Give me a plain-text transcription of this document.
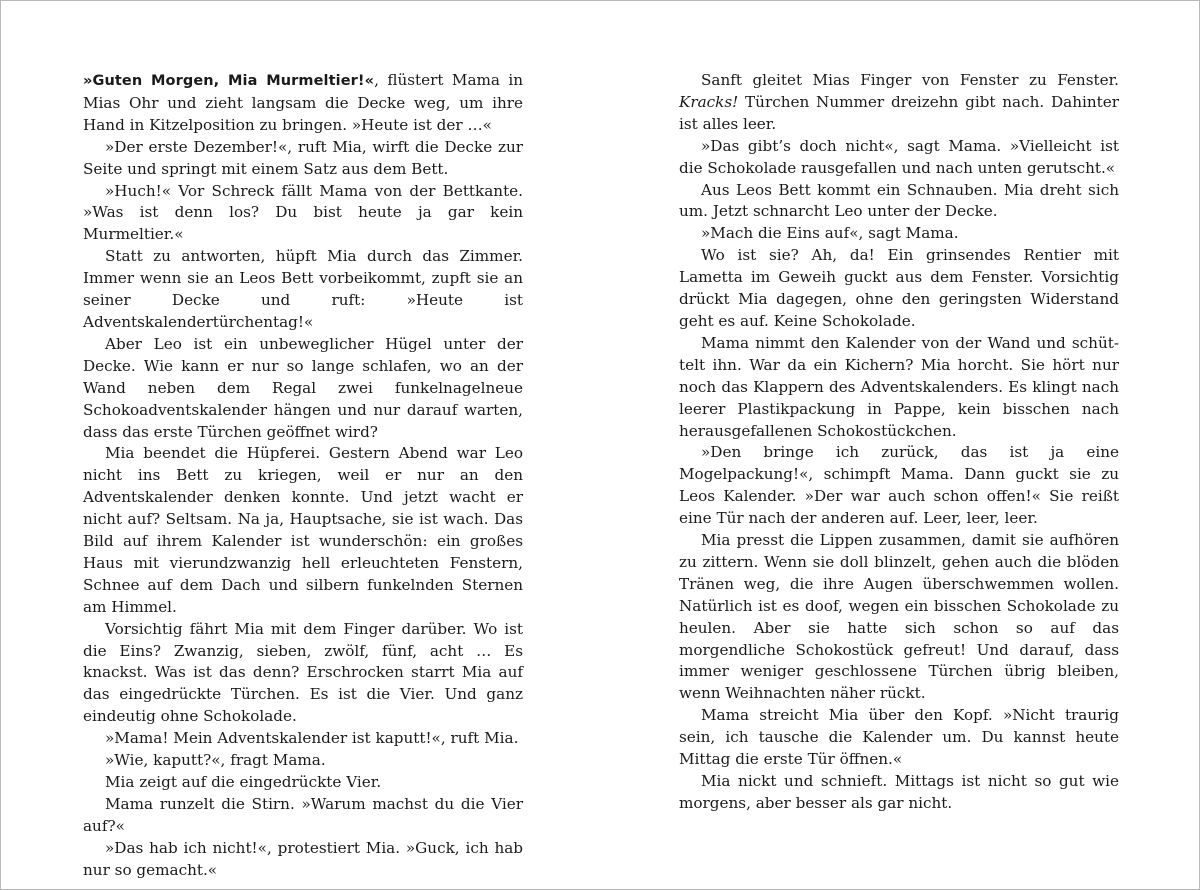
»Guten Morgen, Mia Murmeltier!«, flüstert Mama in Mias Ohr und zieht langsam die Decke weg, um ihre Hand in Kitzelposition zu bringen. »Heute ist der …«

»Der erste Dezember!«, ruft Mia, wirft die Decke zur Seite und springt mit einem Satz aus dem Bett.

»Huch!« Vor Schreck fällt Mama von der Bettkante. »Was ist denn los? Du bist heute ja gar kein Murmeltier.«

Statt zu antworten, hüpft Mia durch das Zimmer. Immer wenn sie an Leos Bett vorbeikommt, zupft sie an seiner Decke und ruft: »Heute ist Adventskalendertürchentag!«

Aber Leo ist ein unbeweglicher Hügel unter der Decke. Wie kann er nur so lange schlafen, wo an der Wand neben dem Regal zwei funkelnagelneue Schokoadventskalender hängen und nur darauf warten, dass das erste Türchen geöffnet wird?

Mia beendet die Hüpferei. Gestern Abend war Leo nicht ins Bett zu kriegen, weil er nur an den Adventskalender denken konnte. Und jetzt wacht er nicht auf? Seltsam. Na ja, Hauptsache, sie ist wach. Das Bild auf ihrem Kalender ist wunderschön: ein großes Haus mit vierundzwanzig hell erleuchteten Fenstern, Schnee auf dem Dach und silbern funkelnden Sternen am Himmel.

Vorsichtig fährt Mia mit dem Finger darüber. Wo ist die Eins? Zwanzig, sieben, zwölf, fünf, acht … Es knackst. Was ist das denn? Erschrocken starrt Mia auf das eingedrückte Türchen. Es ist die Vier. Und ganz eindeutig ohne Schokolade.

»Mama! Mein Adventskalender ist kaputt!«, ruft Mia.

»Wie, kaputt?«, fragt Mama.

Mia zeigt auf die eingedrückte Vier.

Mama runzelt die Stirn. »Warum machst du die Vier auf?«

»Das hab ich nicht!«, protestiert Mia. »Guck, ich hab nur so gemacht.«

Sanft gleitet Mias Finger von Fenster zu Fenster. Kracks! Türchen Nummer dreizehn gibt nach. Dahinter ist alles leer.

»Das gibt’s doch nicht«, sagt Mama. »Vielleicht ist die Schokolade rausgefallen und nach unten gerutscht.«

Aus Leos Bett kommt ein Schnauben. Mia dreht sich um. Jetzt schnarcht Leo unter der Decke.

»Mach die Eins auf«, sagt Mama.

Wo ist sie? Ah, da! Ein grinsendes Rentier mit Lametta im Geweih guckt aus dem Fenster. Vorsichtig drückt Mia dagegen, ohne den geringsten Widerstand geht es auf. Keine Schokolade.

Mama nimmt den Kalender von der Wand und schüttelt ihn. War da ein Kichern? Mia horcht. Sie hört nur noch das Klappern des Adventskalenders. Es klingt nach leerer Plastikpackung in Pappe, kein bisschen nach herausgefallenen Schokostückchen.

»Den bringe ich zurück, das ist ja eine Mogelpackung!«, schimpft Mama. Dann guckt sie zu Leos Kalender. »Der war auch schon offen!« Sie reißt eine Tür nach der anderen auf. Leer, leer, leer.

Mia presst die Lippen zusammen, damit sie aufhören zu zittern. Wenn sie doll blinzelt, gehen auch die blöden Tränen weg, die ihre Augen überschwemmen wollen. Natürlich ist es doof, wegen ein bisschen Schokolade zu heulen. Aber sie hatte sich schon so auf das morgendliche Schokostück gefreut! Und darauf, dass immer weniger geschlossene Türchen übrig bleiben, wenn Weihnachten näher rückt.

Mama streicht Mia über den Kopf. »Nicht traurig sein, ich tausche die Kalender um. Du kannst heute Mittag die erste Tür öffnen.«

Mia nickt und schnieft. Mittags ist nicht so gut wie morgens, aber besser als gar nicht.
